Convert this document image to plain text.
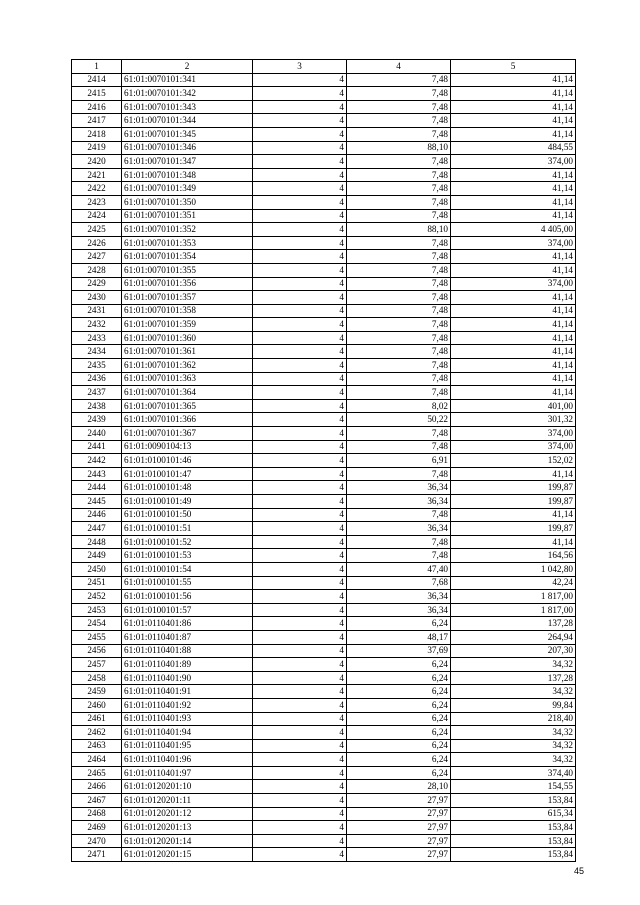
1	2	3	4	5
2414	61:01:0070101:341	4	7,48	41,14
2415	61:01:0070101:342	4	7,48	41,14
2416	61:01:0070101:343	4	7,48	41,14
2417	61:01:0070101:344	4	7,48	41,14
2418	61:01:0070101:345	4	7,48	41,14
2419	61:01:0070101:346	4	88,10	484,55
2420	61:01:0070101:347	4	7,48	374,00
2421	61:01:0070101:348	4	7,48	41,14
2422	61:01:0070101:349	4	7,48	41,14
2423	61:01:0070101:350	4	7,48	41,14
2424	61:01:0070101:351	4	7,48	41,14
2425	61:01:0070101:352	4	88,10	4 405,00
2426	61:01:0070101:353	4	7,48	374,00
2427	61:01:0070101:354	4	7,48	41,14
2428	61:01:0070101:355	4	7,48	41,14
2429	61:01:0070101:356	4	7,48	374,00
2430	61:01:0070101:357	4	7,48	41,14
2431	61:01:0070101:358	4	7,48	41,14
2432	61:01:0070101:359	4	7,48	41,14
2433	61:01:0070101:360	4	7,48	41,14
2434	61:01:0070101:361	4	7,48	41,14
2435	61:01:0070101:362	4	7,48	41,14
2436	61:01:0070101:363	4	7,48	41,14
2437	61:01:0070101:364	4	7,48	41,14
2438	61:01:0070101:365	4	8,02	401,00
2439	61:01:0070101:366	4	50,22	301,32
2440	61:01:0070101:367	4	7,48	374,00
2441	61:01:0090104:13	4	7,48	374,00
2442	61:01:0100101:46	4	6,91	152,02
2443	61:01:0100101:47	4	7,48	41,14
2444	61:01:0100101:48	4	36,34	199,87
2445	61:01:0100101:49	4	36,34	199,87
2446	61:01:0100101:50	4	7,48	41,14
2447	61:01:0100101:51	4	36,34	199,87
2448	61:01:0100101:52	4	7,48	41,14
2449	61:01:0100101:53	4	7,48	164,56
2450	61:01:0100101:54	4	47,40	1 042,80
2451	61:01:0100101:55	4	7,68	42,24
2452	61:01:0100101:56	4	36,34	1 817,00
2453	61:01:0100101:57	4	36,34	1 817,00
2454	61:01:0110401:86	4	6,24	137,28
2455	61:01:0110401:87	4	48,17	264,94
2456	61:01:0110401:88	4	37,69	207,30
2457	61:01:0110401:89	4	6,24	34,32
2458	61:01:0110401:90	4	6,24	137,28
2459	61:01:0110401:91	4	6,24	34,32
2460	61:01:0110401:92	4	6,24	99,84
2461	61:01:0110401:93	4	6,24	218,40
2462	61:01:0110401:94	4	6,24	34,32
2463	61:01:0110401:95	4	6,24	34,32
2464	61:01:0110401:96	4	6,24	34,32
2465	61:01:0110401:97	4	6,24	374,40
2466	61:01:0120201:10	4	28,10	154,55
2467	61:01:0120201:11	4	27,97	153,84
2468	61:01:0120201:12	4	27,97	615,34
2469	61:01:0120201:13	4	27,97	153,84
2470	61:01:0120201:14	4	27,97	153,84
2471	61:01:0120201:15	4	27,97	153,84
45
